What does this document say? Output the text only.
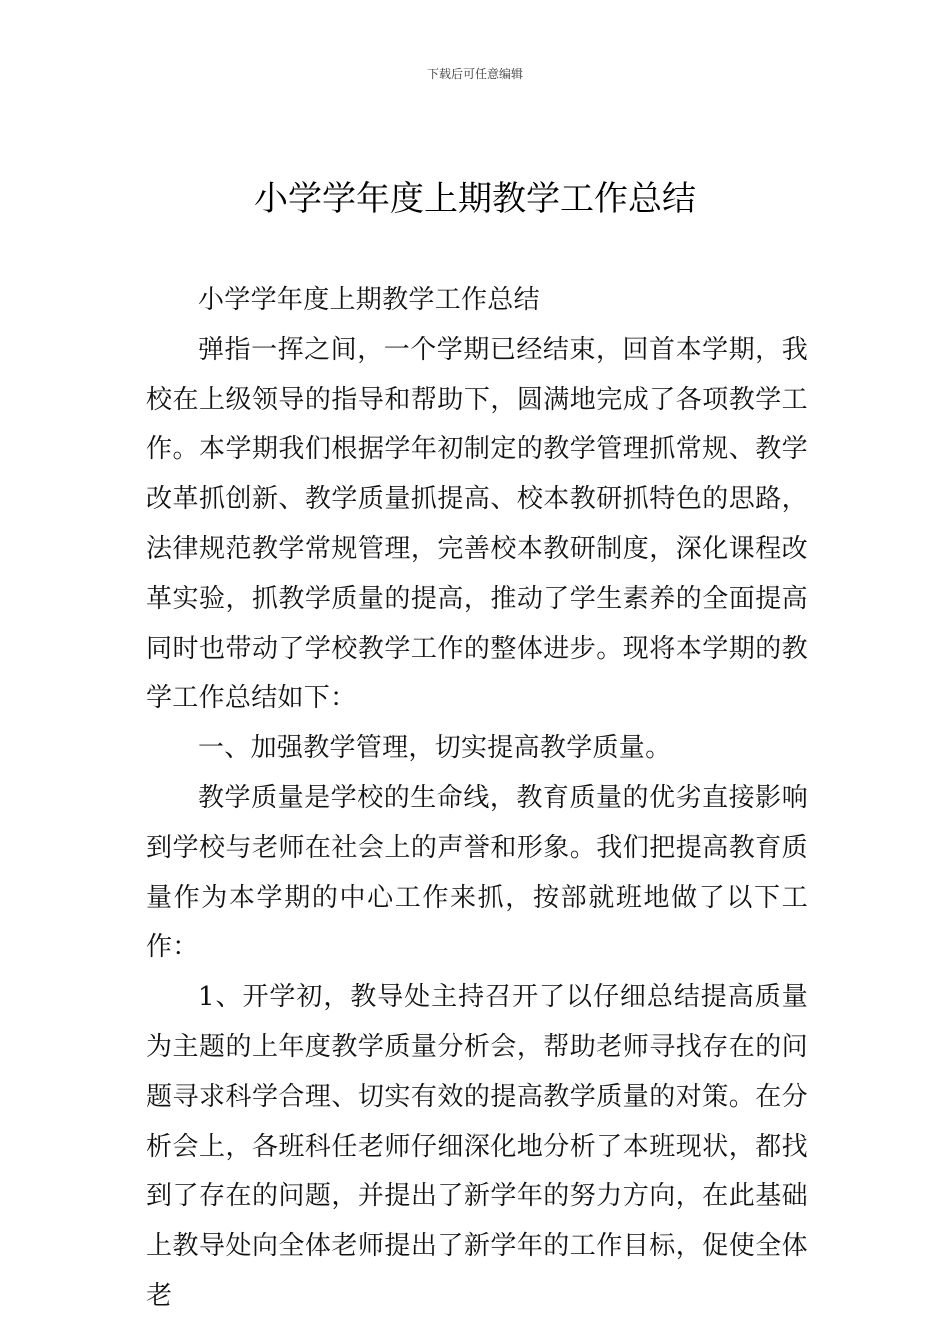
下载后可任意编辑
小学学年度上期教学工作总结

小学学年度上期教学工作总结

弹指一挥之间，一个学期已经结束，回首本学期，我校在上级领导的指导和帮助下，圆满地完成了各项教学工作。本学期我们根据学年初制定的教学管理抓常规、教学改革抓创新、教学质量抓提高、校本教研抓特色的思路，法律规范教学常规管理，完善校本教研制度，深化课程改革实验，抓教学质量的提高，推动了学生素养的全面提高同时也带动了学校教学工作的整体进步。现将本学期的教学工作总结如下：

一、加强教学管理，切实提高教学质量。

教学质量是学校的生命线，教育质量的优劣直接影响到学校与老师在社会上的声誉和形象。我们把提高教育质量作为本学期的中心工作来抓，按部就班地做了以下工作：

1、开学初，教导处主持召开了以仔细总结提高质量为主题的上年度教学质量分析会，帮助老师寻找存在的问题寻求科学合理、切实有效的提高教学质量的对策。在分析会上，各班科任老师仔细深化地分析了本班现状，都找到了存在的问题，并提出了新学年的努力方向，在此基础上教导处向全体老师提出了新学年的工作目标，促使全体老
